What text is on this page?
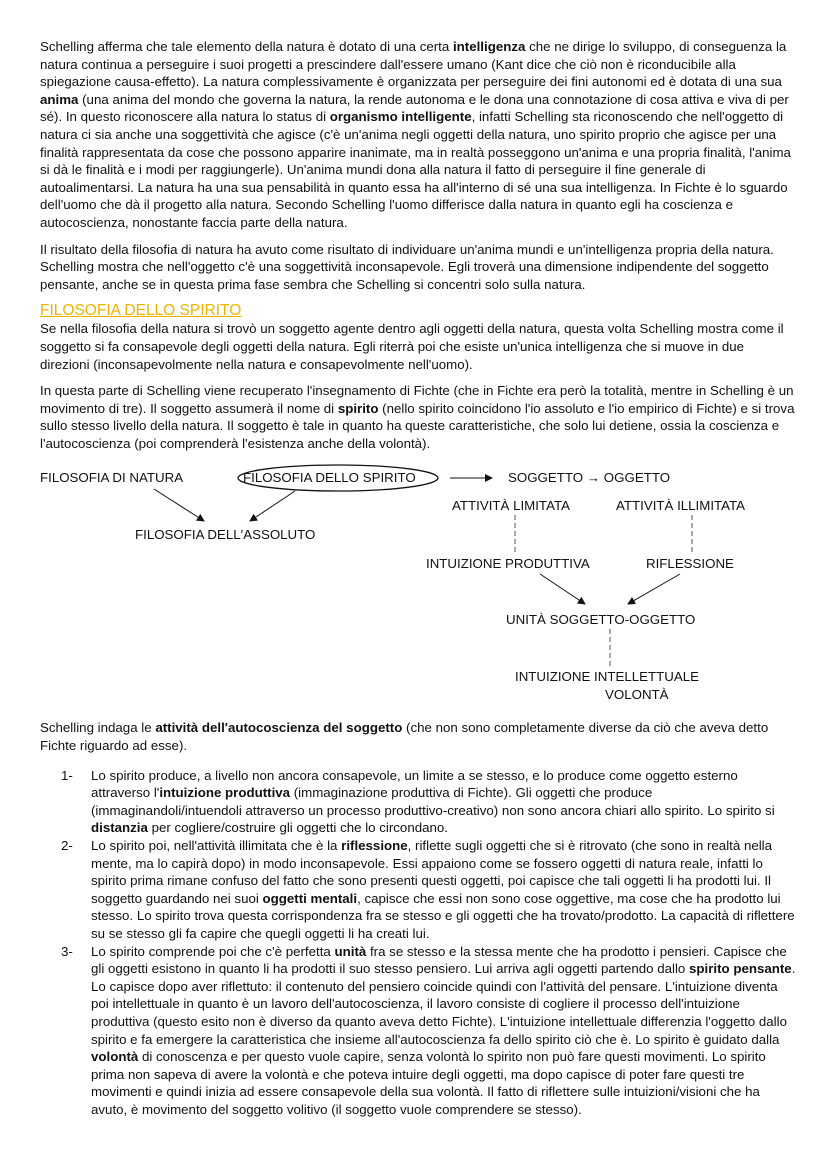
Schelling afferma che tale elemento della natura è dotato di una certa intelligenza che ne dirige lo sviluppo, di conseguenza la natura continua a perseguire i suoi progetti a prescindere dall'essere umano (Kant dice che ciò non è riconducibile alla spiegazione causa-effetto). La natura complessivamente è organizzata per perseguire dei fini autonomi ed è dotata di una sua anima (una anima del mondo che governa la natura, la rende autonoma e le dona una connotazione di cosa attiva e viva di per sé). In questo riconoscere alla natura lo status di organismo intelligente, infatti Schelling sta riconoscendo che nell'oggetto di natura ci sia anche una soggettività che agisce (c'è un'anima negli oggetti della natura, uno spirito proprio che agisce per una finalità rappresentata da cose che possono apparire inanimate, ma in realtà posseggono un'anima e una propria finalità, l'anima si dà le finalità e i modi per raggiungerle). Un'anima mundi dona alla natura il fatto di perseguire il fine generale di autoalimentarsi. La natura ha una sua pensabilità in quanto essa ha all'interno di sé una sua intelligenza. In Fichte è lo sguardo dell'uomo che dà il progetto alla natura. Secondo Schelling l'uomo differisce dalla natura in quanto egli ha coscienza e autocoscienza, nonostante faccia parte della natura.

Il risultato della filosofia di natura ha avuto come risultato di individuare un'anima mundi e un'intelligenza propria della natura. Schelling mostra che nell'oggetto c'è una soggettività inconsapevole. Egli troverà una dimensione indipendente del soggetto pensante, anche se in questa prima fase sembra che Schelling si concentri solo sulla natura.

FILOSOFIA DELLO SPIRITO

Se nella filosofia della natura si trovò un soggetto agente dentro agli oggetti della natura, questa volta Schelling mostra come il soggetto si fa consapevole degli oggetti della natura. Egli riterrà poi che esiste un'unica intelligenza che si muove in due direzioni (inconsapevolmente nella natura e consapevolmente nell'uomo).

In questa parte di Schelling viene recuperato l'insegnamento di Fichte (che in Fichte era però la totalità, mentre in Schelling è un movimento di tre). Il soggetto assumerà il nome di spirito (nello spirito coincidono l'io assoluto e l'io empirico di Fichte) e si trova sullo stesso livello della natura. Il soggetto è tale in quanto ha queste caratteristiche, che solo lui detiene, ossia la coscienza e l'autocoscienza (poi comprenderà l'esistenza anche della volontà).

FILOSOFIA DI NATURA	FILOSOFIA DELLO SPIRITO	SOGGETTO → OGGETTO
ATTIVITÀ LIMITATA	ATTIVITÀ ILLIMITATA
FILOSOFIA DELL'ASSOLUTO
INTUIZIONE PRODUTTIVA	RIFLESSIONE
UNITÀ SOGGETTO-OGGETTO
INTUIZIONE INTELLETTUALE
VOLONTÀ

Schelling indaga le attività dell'autocoscienza del soggetto (che non sono completamente diverse da ciò che aveva detto Fichte riguardo ad esse).

1- Lo spirito produce, a livello non ancora consapevole, un limite a se stesso, e lo produce come oggetto esterno attraverso l'intuizione produttiva (immaginazione produttiva di Fichte). Gli oggetti che produce (immaginandoli/intuendoli attraverso un processo produttivo-creativo) non sono ancora chiari allo spirito. Lo spirito si distanzia per cogliere/costruire gli oggetti che lo circondano.
2- Lo spirito poi, nell'attività illimitata che è la riflessione, riflette sugli oggetti che si è ritrovato (che sono in realtà nella mente, ma lo capirà dopo) in modo inconsapevole. Essi appaiono come se fossero oggetti di natura reale, infatti lo spirito prima rimane confuso del fatto che sono presenti questi oggetti, poi capisce che tali oggetti li ha prodotti lui. Il soggetto guardando nei suoi oggetti mentali, capisce che essi non sono cose oggettive, ma cose che ha prodotto lui stesso. Lo spirito trova questa corrispondenza fra se stesso e gli oggetti che ha trovato/prodotto. La capacità di riflettere su se stesso gli fa capire che quegli oggetti li ha creati lui.
3- Lo spirito comprende poi che c'è perfetta unità fra se stesso e la stessa mente che ha prodotto i pensieri. Capisce che gli oggetti esistono in quanto li ha prodotti il suo stesso pensiero. Lui arriva agli oggetti partendo dallo spirito pensante. Lo capisce dopo aver riflettuto: il contenuto del pensiero coincide quindi con l'attività del pensare. L'intuizione diventa poi intellettuale in quanto è un lavoro dell'autocoscienza, il lavoro consiste di cogliere il processo dell'intuizione produttiva (questo esito non è diverso da quanto aveva detto Fichte). L'intuizione intellettuale differenzia l'oggetto dallo spirito e fa emergere la caratteristica che insieme all'autocoscienza fa dello spirito ciò che è. Lo spirito è guidato dalla volontà di conoscenza e per questo vuole capire, senza volontà lo spirito non può fare questi movimenti. Lo spirito prima non sapeva di avere la volontà e che poteva intuire degli oggetti, ma dopo capisce di poter fare questi tre movimenti e quindi inizia ad essere consapevole della sua volontà. Il fatto di riflettere sulle intuizioni/visioni che ha avuto, è movimento del soggetto volitivo (il soggetto vuole comprendere se stesso).
